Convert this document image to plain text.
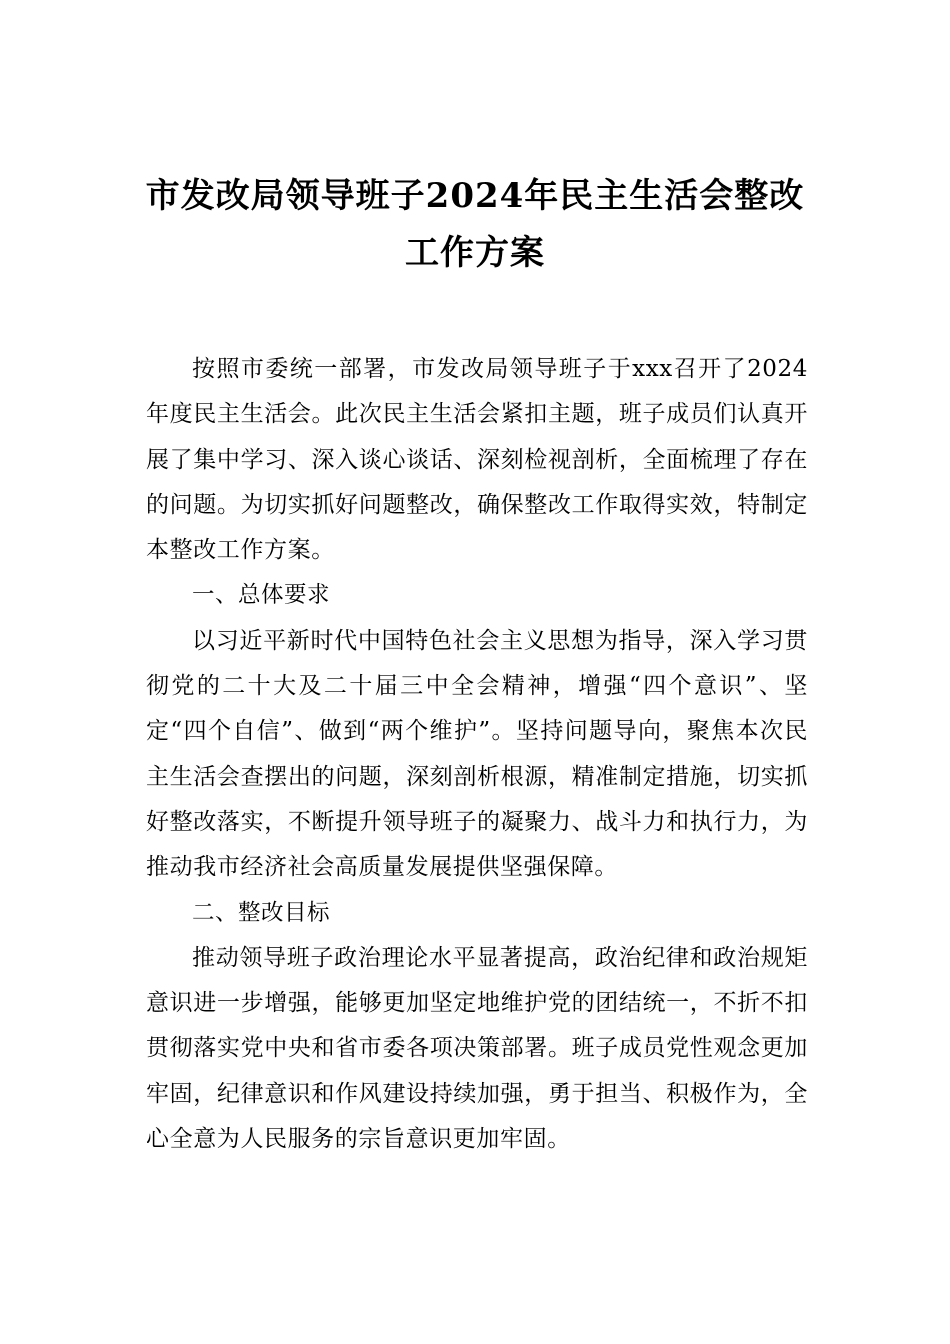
市发改局领导班子2024年民主生活会整改
工作方案

按照市委统一部署，市发改局领导班子于xxx召开了2024年度民主生活会。此次民主生活会紧扣主题，班子成员们认真开展了集中学习、深入谈心谈话、深刻检视剖析，全面梳理了存在的问题。为切实抓好问题整改，确保整改工作取得实效，特制定本整改工作方案。

一、总体要求

以习近平新时代中国特色社会主义思想为指导，深入学习贯彻党的二十大及二十届三中全会精神，增强“四个意识”、坚定“四个自信”、做到“两个维护”。坚持问题导向，聚焦本次民主生活会查摆出的问题，深刻剖析根源，精准制定措施，切实抓好整改落实，不断提升领导班子的凝聚力、战斗力和执行力，为推动我市经济社会高质量发展提供坚强保障。

二、整改目标

推动领导班子政治理论水平显著提高，政治纪律和政治规矩意识进一步增强，能够更加坚定地维护党的团结统一，不折不扣贯彻落实党中央和省市委各项决策部署。班子成员党性观念更加牢固，纪律意识和作风建设持续加强，勇于担当、积极作为，全心全意为人民服务的宗旨意识更加牢固。
